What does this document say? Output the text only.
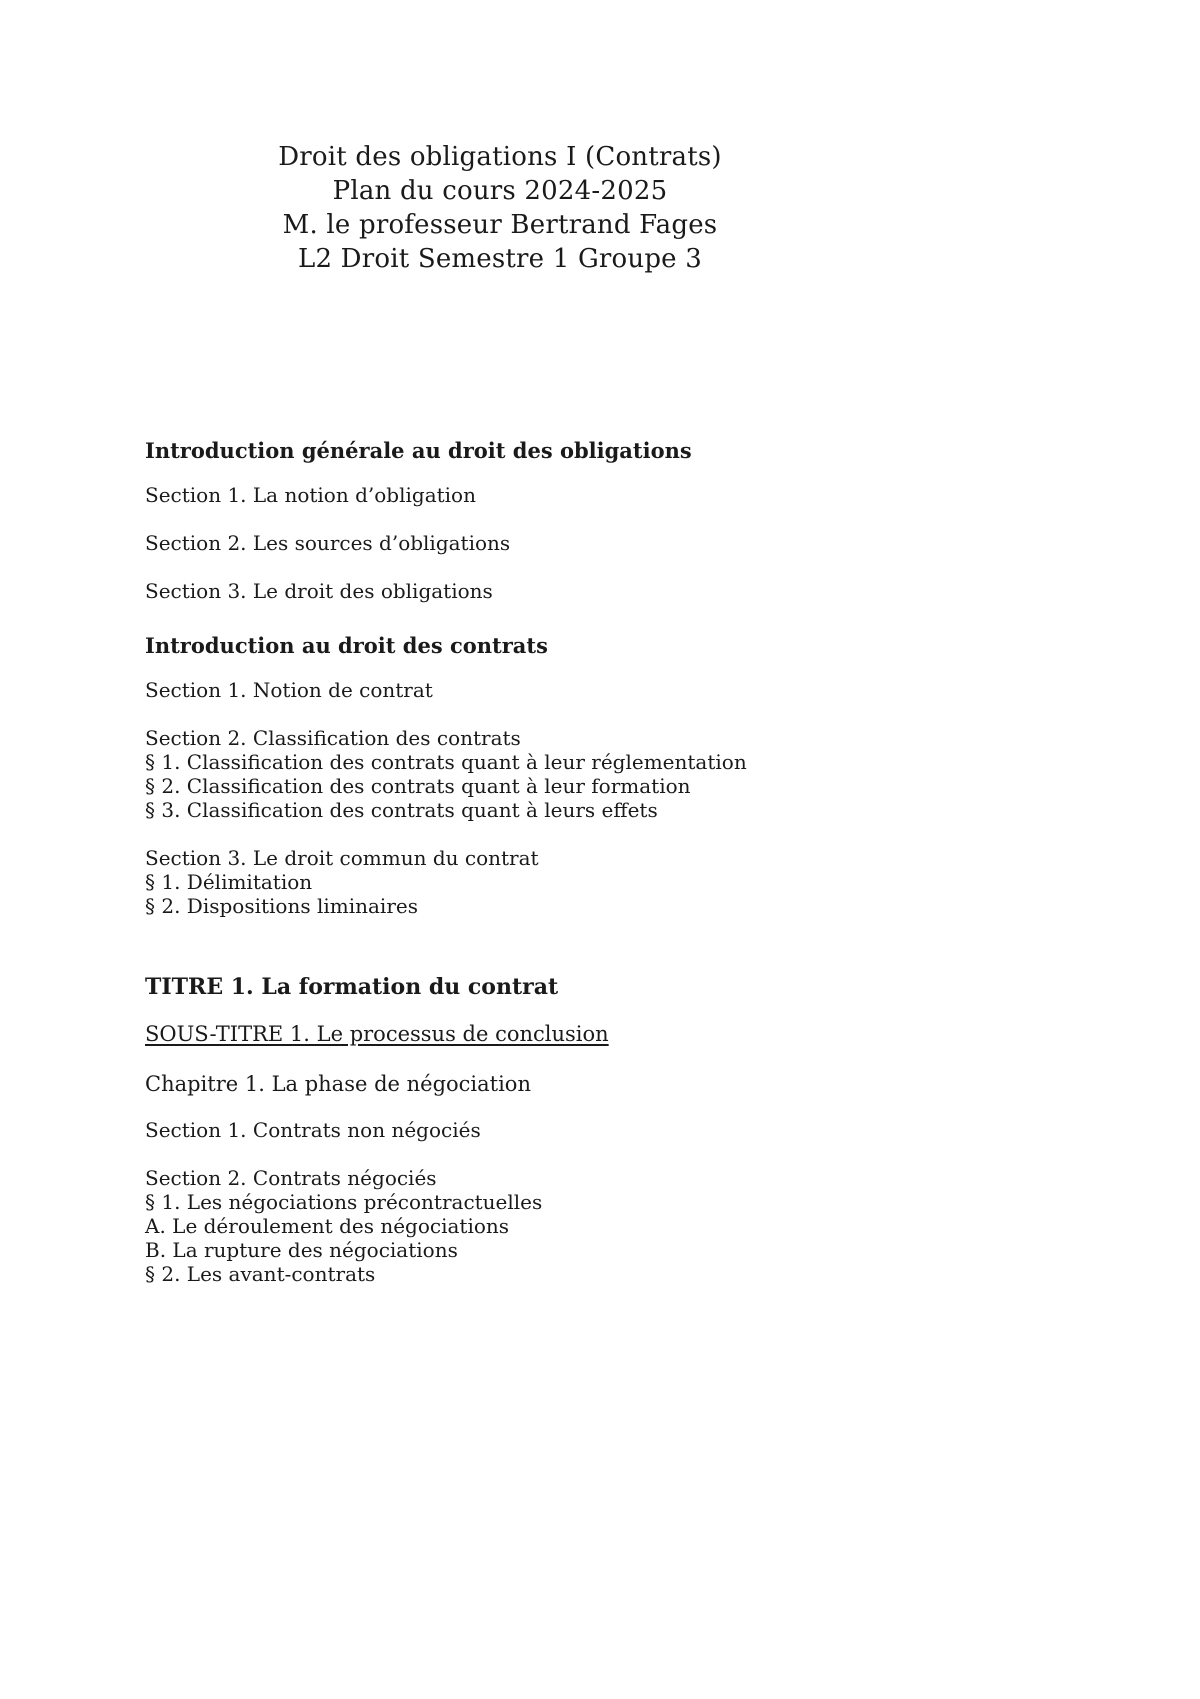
Droit des obligations I (Contrats)
Plan du cours 2024-2025
M. le professeur Bertrand Fages
L2 Droit Semestre 1 Groupe 3
Introduction générale au droit des obligations
Section 1. La notion d’obligation
Section 2. Les sources d’obligations
Section 3. Le droit des obligations
Introduction au droit des contrats
Section 1. Notion de contrat
Section 2. Classification des contrats
§ 1. Classification des contrats quant à leur réglementation
§ 2. Classification des contrats quant à leur formation
§ 3. Classification des contrats quant à leurs effets
Section 3. Le droit commun du contrat
§ 1. Délimitation
§ 2. Dispositions liminaires
TITRE 1. La formation du contrat
SOUS-TITRE 1. Le processus de conclusion
Chapitre 1. La phase de négociation
Section 1. Contrats non négociés
Section 2. Contrats négociés
§ 1. Les négociations précontractuelles
A. Le déroulement des négociations
B. La rupture des négociations
§ 2. Les avant-contrats
